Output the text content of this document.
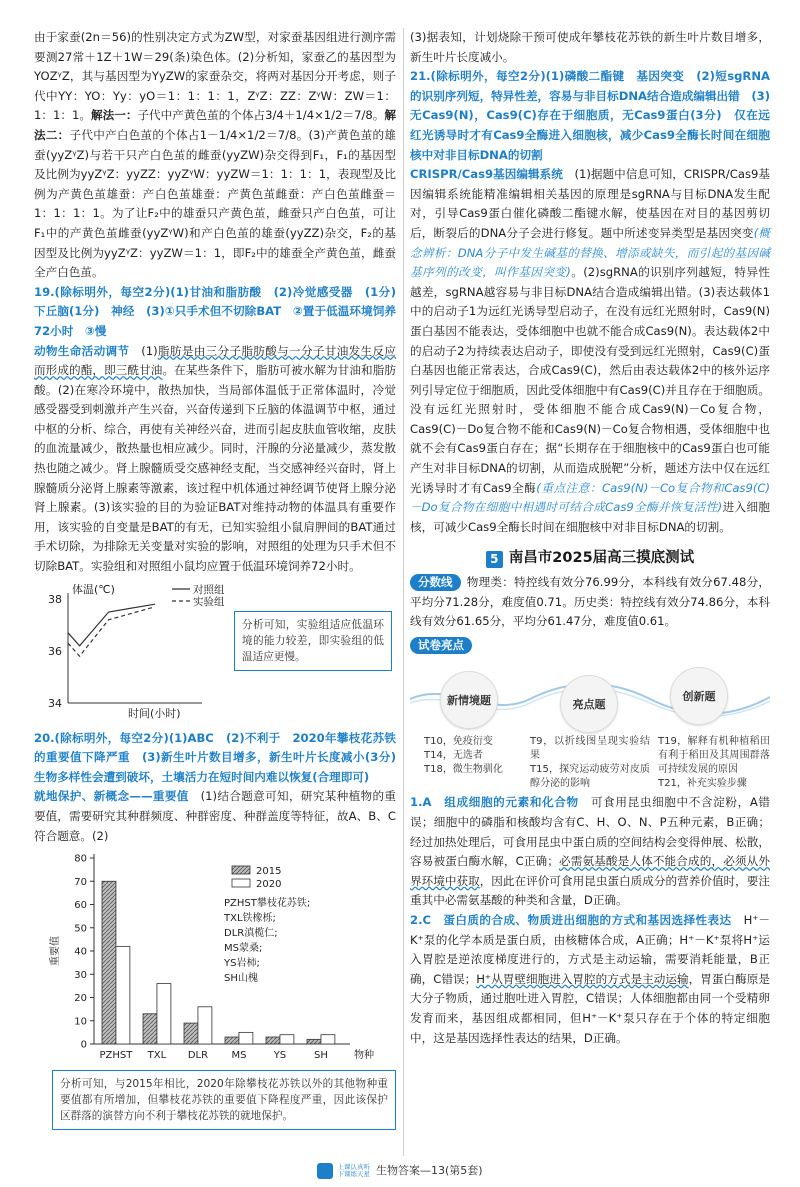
由于家蚕(2n＝56)的性别决定方式为ZW型，对家蚕基因组进行测序需要测27常＋1Z＋1W＝29(条)染色体。(2)分析知，家蚕乙的基因型为YOZᵞZ，其与基因型为YyZW的家蚕杂交，将两对基因分开考虑，则子代中YY：YO：Yy：yO＝1：1：1：1，ZᵞZ：ZZ：ZᵞW：ZW＝1：1：1：1。解法一：子代中产黄色茧的个体占3/4＋1/4×1/2＝7/8。解法二：子代中产白色茧的个体占1－1/4×1/2＝7/8。(3)产黄色茧的雄蚕(yyZᵞZ)与若干只产白色茧的雌蚕(yyZW)杂交得到F₁，F₁的基因型及比例为yyZᵞZ：yyZZ：yyZᵞW：yyZW＝1：1：1：1，表现型及比例为产黄色茧雄蚕：产白色茧雄蚕：产黄色茧雌蚕：产白色茧雌蚕＝1：1：1：1。为了让F₂中的雄蚕只产黄色茧，雌蚕只产白色茧，可让F₁中的产黄色茧雌蚕(yyZᵞW)和产白色茧的雄蚕(yyZZ)杂交，F₂的基因型及比例为yyZᵞZ：yyZW＝1：1，即F₂中的雄蚕全产黄色茧，雌蚕全产白色茧。

19.(除标明外，每空2分)(1)甘油和脂肪酸　(2)冷觉感受器　(1分)　下丘脑(1分)　神经　(3)①只手术但不切除BAT　②置于低温环境饲养72小时　③慢

动物生命活动调节　(1)脂肪是由三分子脂肪酸与一分子甘油发生反应而形成的酯，即三酰甘油。在某些条件下，脂肪可被水解为甘油和脂肪酸。(2)在寒冷环境中，散热加快，当局部体温低于正常体温时，冷觉感受器受到刺激并产生兴奋，兴奋传递到下丘脑的体温调节中枢，通过中枢的分析、综合，再使有关神经兴奋，进而引起皮肤血管收缩，皮肤的血流量减少，散热量也相应减少。同时，汗腺的分泌量减少，蒸发散热也随之减少。肾上腺髓质受交感神经支配，当交感神经兴奋时，肾上腺髓质分泌肾上腺素等激素，该过程中机体通过神经调节使肾上腺分泌肾上腺素。(3)该实验的目的为验证BAT对维持动物的体温具有重要作用，该实验的自变量是BAT的有无，已知实验组小鼠肩胛间的BAT通过手术切除，为排除无关变量对实验的影响，对照组的处理为只手术但不切除BAT。实验组和对照组小鼠均应置于低温环境饲养72小时。

体温(℃)
时间(小时)
38
36
34
对照组
实验组
分析可知，实验组适应低温环境的能力较差，即实验组的低温适应更慢。

20.(除标明外，每空2分)(1)ABC　(2)不利于　2020年攀枝花苏铁的重要值下降严重　(3)新生叶片数目增多，新生叶片长度减小(3分)　生物多样性会遭到破坏，土壤活力在短时间内难以恢复(合理即可)

就地保护、新概念——重要值　(1)结合题意可知，研究某种植物的重要值，需要研究其种群频度、种群密度、种群盖度等特征，故A、B、C符合题意。(2)

0
10
20
30
40
50
60
70
80
重要值
物种
PZHST TXL DLR MS	YS	SH
2015
2020
PZHST攀枝花苏铁;
TXL铁橡栎;
DLR滇榄仁;
MS蒙桑;
YS岩柿;
SH山槐
分析可知，与2015年相比，2020年除攀枝花苏铁以外的其他物种重要值都有所增加，但攀枝花苏铁的重要值下降程度严重，因此该保护区群落的演替方向不利于攀枝花苏铁的就地保护。

(3)据表知，计划烧除干预可使成年攀枝花苏铁的新生叶片数目增多，新生叶片长度减小。

21.(除标明外，每空2分)(1)磷酸二酯键　基因突变　(2)短sgRNA的识别序列短，特异性差，容易与非目标DNA结合造成编辑出错　(3)无Cas9(N)，Cas9(C)存在于细胞质，无Cas9蛋白(3分)　仅在远红光诱导时才有Cas9全酶进入细胞核，减少Cas9全酶长时间在细胞核中对非目标DNA的切割

CRISPR/Cas9基因编辑系统　(1)据题中信息可知，CRISPR/Cas9基因编辑系统能精准编辑相关基因的原理是sgRNA与目标DNA发生配对，引导Cas9蛋白催化磷酸二酯键水解，使基因在对目的基因剪切后，断裂后的DNA分子会进行修复。题中所述变异类型是基因突变(概念辨析：DNA分子中发生碱基的替换、增添或缺失，而引起的基因碱基序列的改变，叫作基因突变)。(2)sgRNA的识别序列越短，特异性越差，sgRNA越容易与非目标DNA结合造成编辑出错。(3)表达载体1中的启动子1为远红光诱导型启动子，在没有远红光照射时，Cas9(N)蛋白基因不能表达，受体细胞中也就不能合成Cas9(N)。表达载体2中的启动子2为持续表达启动子，即使没有受到远红光照射，Cas9(C)蛋白基因也能正常表达，合成Cas9(C)，然后由表达载体2中的核外运序列引导定位于细胞质，因此受体细胞中有Cas9(C)并且存在于细胞质。没有远红光照射时，受体细胞不能合成Cas9(N)－Co复合物，Cas9(C)－Do复合物不能和Cas9(N)－Co复合物相遇，受体细胞中也就不会有Cas9蛋白存在；据“长期存在于细胞核中的Cas9蛋白也可能产生对非目标DNA的切割，从而造成脱靶”分析，题述方法中仅在远红光诱导时才有Cas9全酶(重点注意：Cas9(N)－Co复合物和Cas9(C)－Do复合物在细胞中相遇时可结合成Cas9全酶并恢复活性)进入细胞核，可减少Cas9全酶长时间在细胞核中对非目标DNA的切割。

5 南昌市2025届高三摸底测试

分数线 物理类：特控线有效分76.99分，本科线有效分67.48分，平均分71.28分，难度值0.71。历史类：特控线有效分74.86分，本科线有效分61.65分，平均分61.47分，难度值0.61。

试卷亮点
新情境题	亮点题
创新题
T10，免疫衍变
T14，无选者
T18，微生物驯化
T9，以折线图呈现实验结果
T15，探究运动疲劳对皮质醇分泌的影响
T19，解释有机种植稻田有利于稻田及其周围群落可持续发展的原因
T21，补充实验步骤

1.A　组成细胞的元素和化合物　可食用昆虫细胞中不含淀粉，A错误；细胞中的磷脂和核酸均含有C、H、O、N、P五种元素，B正确；经过加热处理后，可食用昆虫中蛋白质的空间结构会变得伸展、松散，容易被蛋白酶水解，C正确；必需氨基酸是人体不能合成的，必须从外界环境中获取，因此在评价可食用昆虫蛋白质成分的营养价值时，要注重其中必需氨基酸的种类和含量，D正确。

2.C　蛋白质的合成、物质进出细胞的方式和基因选择性表达　H⁺－K⁺泵的化学本质是蛋白质，由核糖体合成，A正确；H⁺－K⁺泵将H⁺运入胃腔是逆浓度梯度进行的，方式是主动运输，需要消耗能量，B正确，C错误；H⁺从胃壁细胞进入胃腔的方式是主动运输，胃蛋白酶原是大分子物质，通过胞吐进入胃腔，C错误；人体细胞都由同一个受精卵发育而来，基因组成都相同，但H⁺－K⁺泵只存在于个体的特定细胞中，这是基因选择性表达的结果，D正确。

上课认真听
下课练天星 生物答案—13(第5套)
